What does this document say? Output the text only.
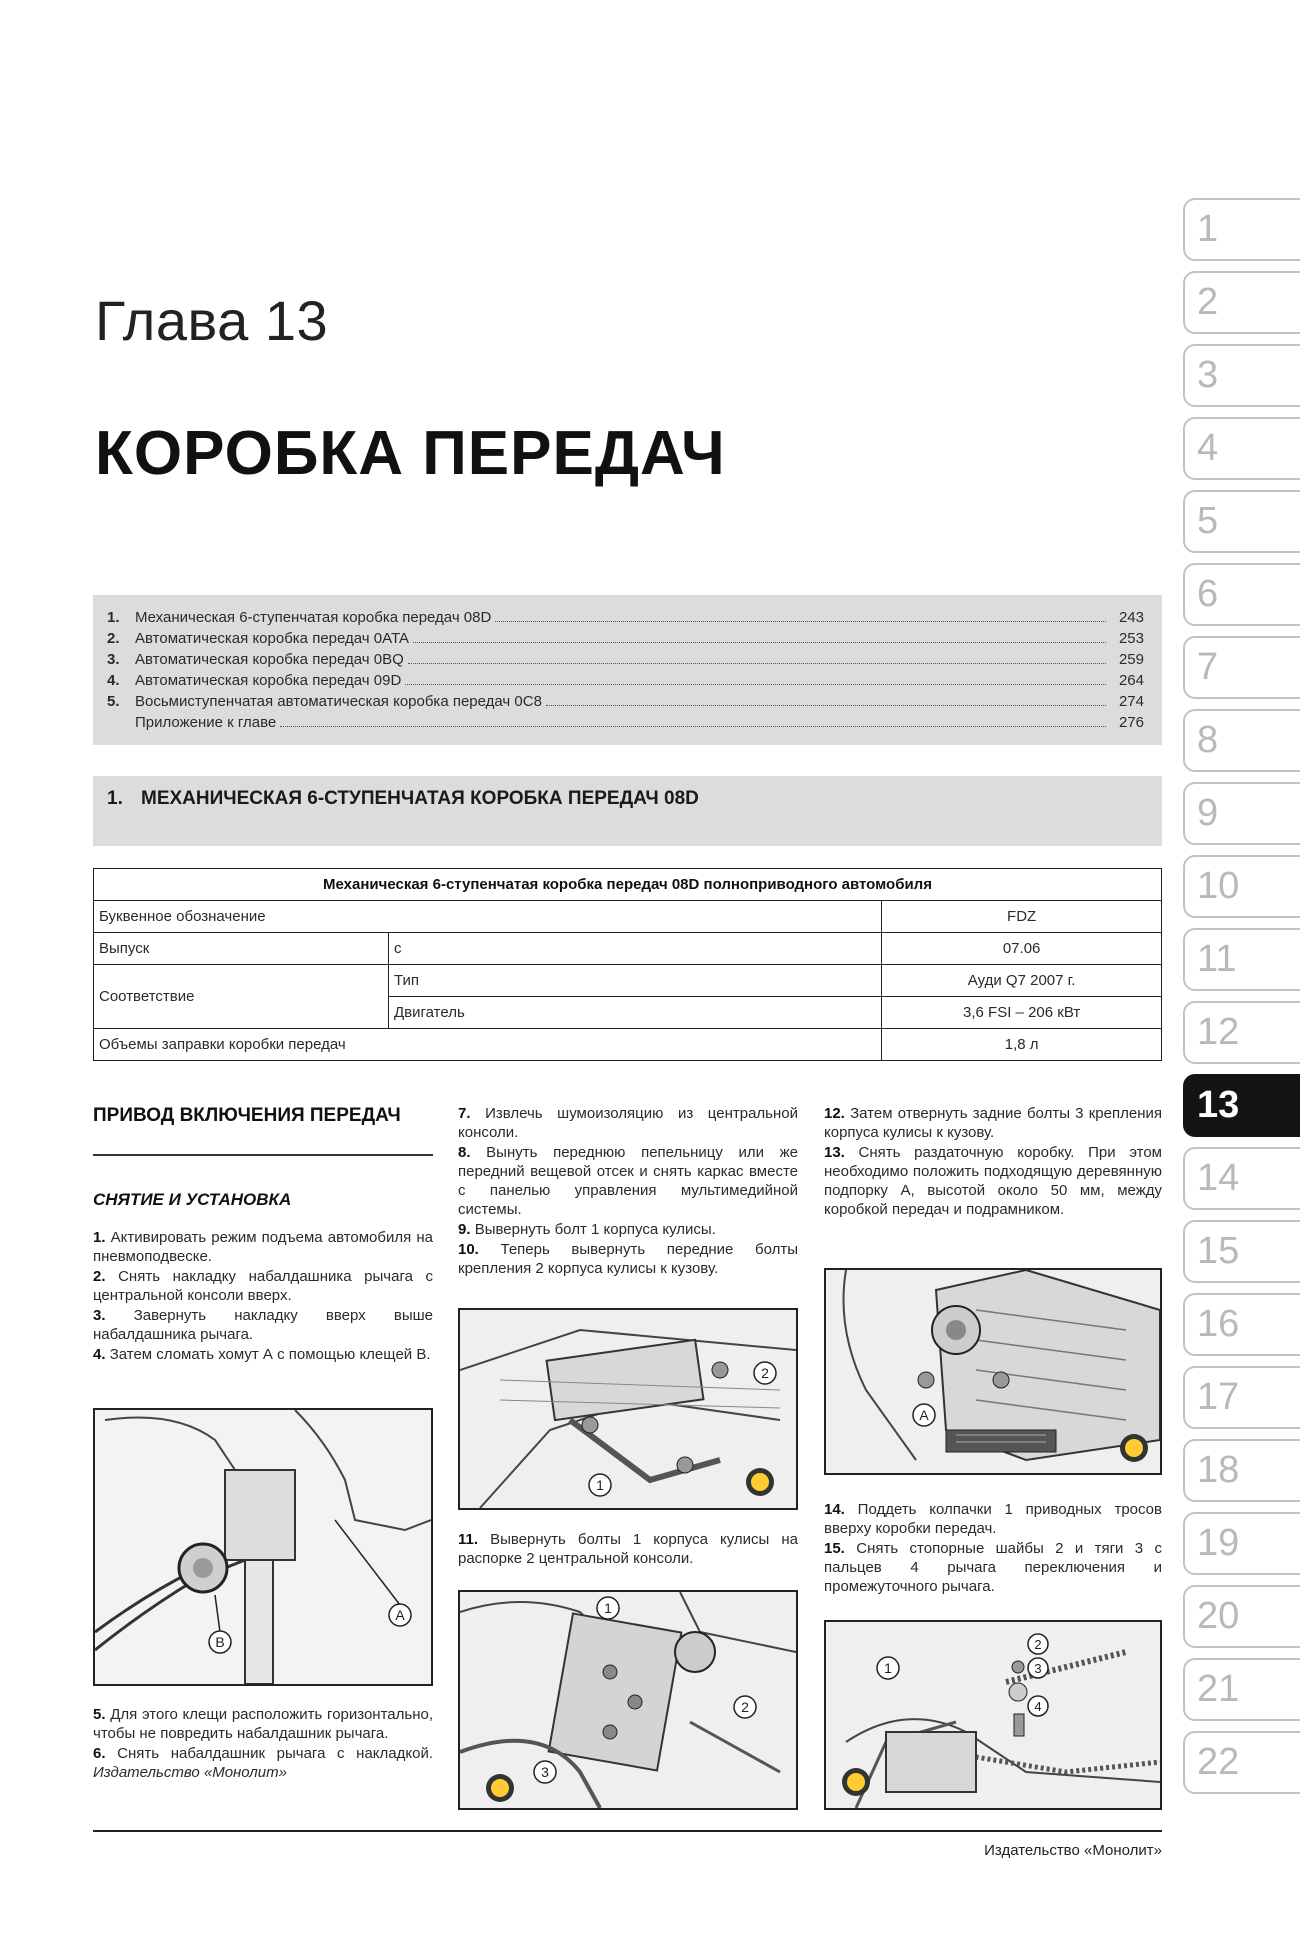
Глава 13
КОРОБКА ПЕРЕДАЧ
1.	Механическая 6-ступенчатая коробка передач 08D	243
2.	Автоматическая коробка передач 0ATA	253
3.	Автоматическая коробка передач 0BQ	259
4.	Автоматическая коробка передач 09D	264
5.	Восьмиступенчатая автоматическая коробка передач 0C8	274
Приложение к главе	276
1. МЕХАНИЧЕСКАЯ 6-СТУПЕНЧАТАЯ КОРОБКА ПЕРЕДАЧ 08D
Механическая 6-ступенчатая коробка передач 08D полноприводного автомобиля		
Буквенное обозначение		FDZ
Выпуск	с	07.06
Соответствие	Тип	Ауди Q7 2007 г.
	Двигатель	3,6 FSI – 206 кВт
Объемы заправки коробки передач		1,8 л
ПРИВОД ВКЛЮЧЕНИЯ ПЕРЕДАЧ
СНЯТИЕ И УСТАНОВКА

1. Активировать режим подъема автомобиля на пневмоподвеске.

2. Снять накладку набалдашника рычага с центральной консоли вверх.

3. Завернуть накладку вверх выше набалдашника рычага.

4. Затем сломать хомут А с помощью клещей В.

A
B

5. Для этого клещи расположить горизонтально, чтобы не повредить набалдашник рычага.

6. Снять набалдашник рычага с накладкой. Издательство «Монолит»

7. Извлечь шумоизоляцию из центральной консоли.

8. Вынуть переднюю пепельницу или же передний вещевой отсек и снять каркас вместе с панелью управления мультимедийной системы.

9. Вывернуть болт 1 корпуса кулисы.

10. Теперь вывернуть передние болты крепления 2 корпуса кулисы к кузову.

1
2

11. Вывернуть болты 1 корпуса кулисы на распорке 2 центральной консоли.

1
2
3

12. Затем отвернуть задние болты 3 крепления корпуса кулисы к кузову.

13. Снять раздаточную коробку. При этом необходимо положить подходящую деревянную подпорку А, высотой около 50 мм, между коробкой передач и подрамником.

A

14. Поддеть колпачки 1 приводных тросов вверху коробки передач.

15. Снять стопорные шайбы 2 и тяги 3 с пальцев 4 рычага переключения и промежуточного рычага.

1
2
3
4
1
2
3
4
5
6
7
8
9
10
11
12
13
14
15
16
17
18
19
20
21
22
Издательство «Монолит»
